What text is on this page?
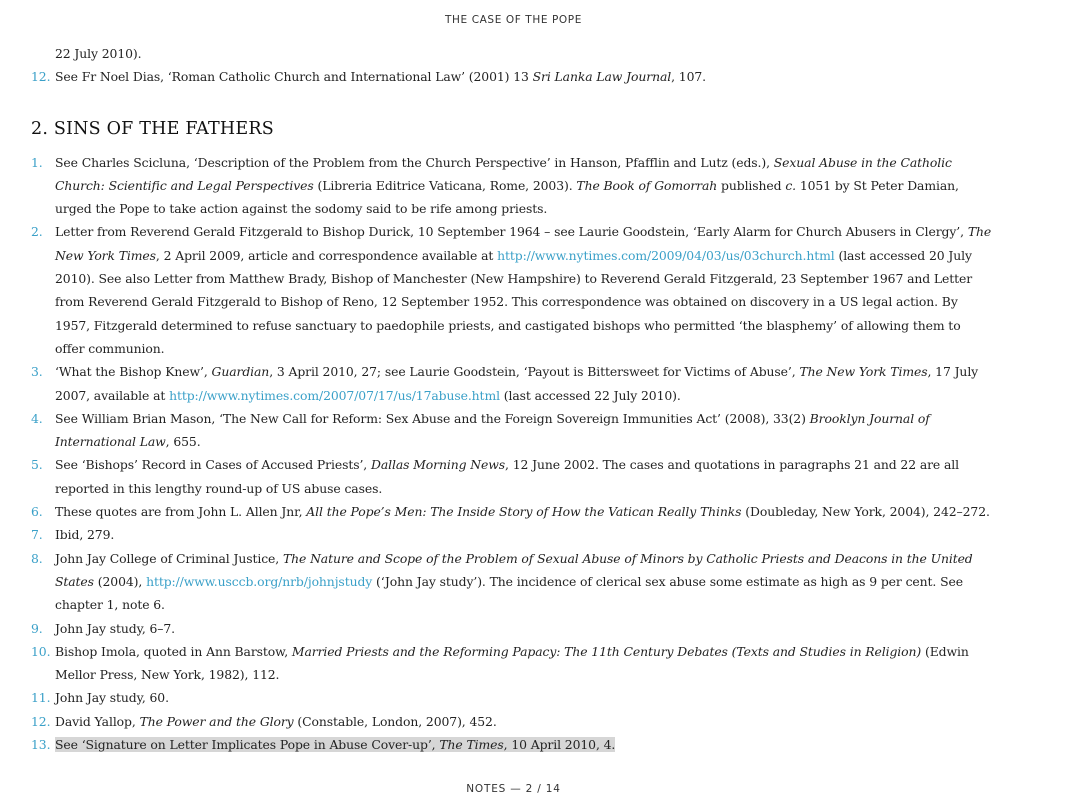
THE CASE OF THE POPE
22 July 2010).
12. See Fr Noel Dias, ‘Roman Catholic Church and International Law’ (2001) 13 Sri Lanka Law Journal, 107.
2. SINS OF THE FATHERS
1. See Charles Scicluna, ‘Description of the Problem from the Church Perspective’ in Hanson, Pfafflin and Lutz (eds.), Sexual Abuse in the Catholic Church: Scientific and Legal Perspectives (Libreria Editrice Vaticana, Rome, 2003). The Book of Gomorrah published c. 1051 by St Peter Damian, urged the Pope to take action against the sodomy said to be rife among priests.
2. Letter from Reverend Gerald Fitzgerald to Bishop Durick, 10 September 1964 – see Laurie Goodstein, ‘Early Alarm for Church Abusers in Clergy’, The New York Times, 2 April 2009, article and correspondence available at http://www.nytimes.com/2009/04/03/us/03church.html (last accessed 20 July 2010). See also Letter from Matthew Brady, Bishop of Manchester (New Hampshire) to Reverend Gerald Fitzgerald, 23 September 1967 and Letter from Reverend Gerald Fitzgerald to Bishop of Reno, 12 September 1952. This correspondence was obtained on discovery in a US legal action. By 1957, Fitzgerald determined to refuse sanctuary to paedophile priests, and castigated bishops who permitted ‘the blasphemy’ of allowing them to offer communion.
3. ‘What the Bishop Knew’, Guardian, 3 April 2010, 27; see Laurie Goodstein, ‘Payout is Bittersweet for Victims of Abuse’, The New York Times, 17 July 2007, available at http://www.nytimes.com/2007/07/17/us/17abuse.html (last accessed 22 July 2010).
4. See William Brian Mason, ‘The New Call for Reform: Sex Abuse and the Foreign Sovereign Immunities Act’ (2008), 33(2) Brooklyn Journal of International Law, 655.
5. See ‘Bishops’ Record in Cases of Accused Priests’, Dallas Morning News, 12 June 2002. The cases and quotations in paragraphs 21 and 22 are all reported in this lengthy round-up of US abuse cases.
6. These quotes are from John L. Allen Jnr, All the Pope’s Men: The Inside Story of How the Vatican Really Thinks (Doubleday, New York, 2004), 242–272.
7. Ibid, 279.
8. John Jay College of Criminal Justice, The Nature and Scope of the Problem of Sexual Abuse of Minors by Catholic Priests and Deacons in the United States (2004), http://www.usccb.org/nrb/johnjstudy (‘John Jay study’). The incidence of clerical sex abuse some estimate as high as 9 per cent. See chapter 1, note 6.
9. John Jay study, 6–7.
10. Bishop Imola, quoted in Ann Barstow, Married Priests and the Reforming Papacy: The 11th Century Debates (Texts and Studies in Religion) (Edwin Mellor Press, New York, 1982), 112.
11. John Jay study, 60.
12. David Yallop, The Power and the Glory (Constable, London, 2007), 452.
13. See ‘Signature on Letter Implicates Pope in Abuse Cover-up’, The Times, 10 April 2010, 4.
NOTES — 2 / 14
